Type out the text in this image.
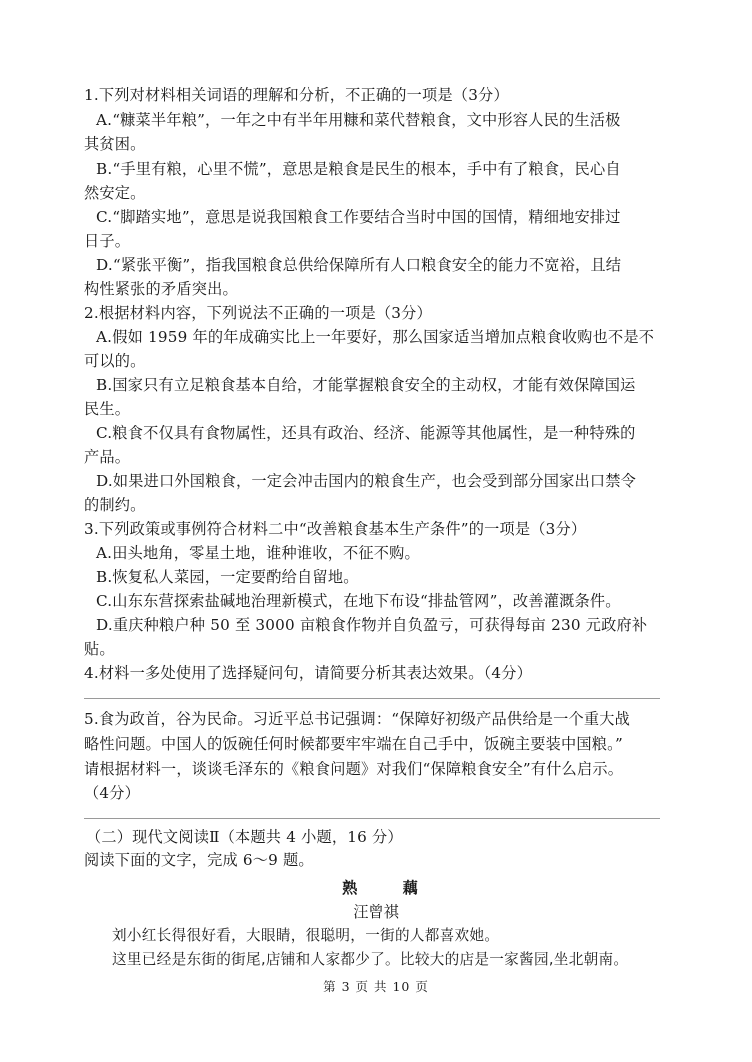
1.下列对材料相关词语的理解和分析，不正确的一项是（3分）
A.“糠菜半年粮”，一年之中有半年用糠和菜代替粮食，文中形容人民的生活极
其贫困。
B.“手里有粮，心里不慌”，意思是粮食是民生的根本，手中有了粮食，民心自
然安定。
C.“脚踏实地”，意思是说我国粮食工作要结合当时中国的国情，精细地安排过
日子。
D.“紧张平衡”，指我国粮食总供给保障所有人口粮食安全的能力不宽裕，且结
构性紧张的矛盾突出。
2.根据材料内容，下列说法不正确的一项是（3分）
A.假如 1959 年的年成确实比上一年要好，那么国家适当增加点粮食收购也不是不
可以的。
B.国家只有立足粮食基本自给，才能掌握粮食安全的主动权，才能有效保障国运
民生。
C.粮食不仅具有食物属性，还具有政治、经济、能源等其他属性，是一种特殊的
产品。
D.如果进口外国粮食，一定会冲击国内的粮食生产，也会受到部分国家出口禁令
的制约。
3.下列政策或事例符合材料二中“改善粮食基本生产条件”的一项是（3分）
A.田头地角，零星土地，谁种谁收，不征不购。
B.恢复私人菜园，一定要酌给自留地。
C.山东东营探索盐碱地治理新模式，在地下布设“排盐管网”，改善灌溉条件。
D.重庆种粮户种 50 至 3000 亩粮食作物并自负盈亏，可获得每亩 230 元政府补
贴。
4.材料一多处使用了选择疑问句，请简要分析其表达效果。（4分）
5.食为政首，谷为民命。习近平总书记强调：“保障好初级产品供给是一个重大战
略性问题。中国人的饭碗任何时候都要牢牢端在自己手中，饭碗主要装中国粮。”
请根据材料一，谈谈毛泽东的《粮食问题》对我们“保障粮食安全”有什么启示。
（4分）
（二）现代文阅读Ⅱ（本题共 4 小题，16 分）
阅读下面的文字，完成 6～9 题。
熟 藕
汪曾祺
刘小红长得很好看，大眼睛，很聪明，一街的人都喜欢她。
这里已经是东街的街尾,店铺和人家都少了。比较大的店是一家酱园,坐北朝南。
第 3 页 共 10 页
